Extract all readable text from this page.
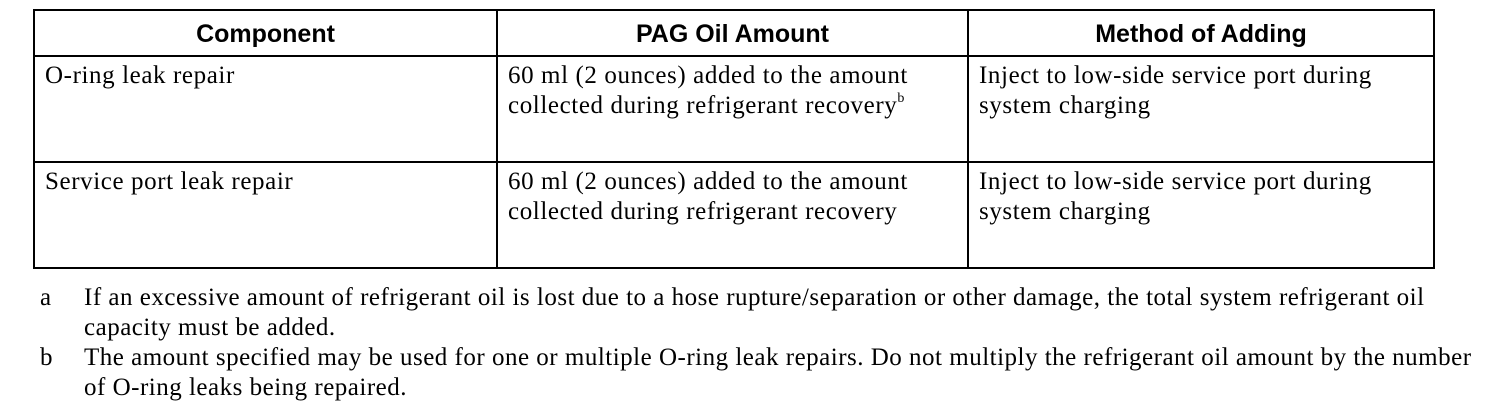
Component	PAG Oil Amount	Method of Adding
O-ring leak repair	60 ml (2 ounces) added to the amount collected during refrigerant recovery$^b$	Inject to low-side service port during system charging
Service port leak repair	60 ml (2 ounces) added to the amount collected during refrigerant recovery	Inject to low-side service port during system charging
a	If an excessive amount of refrigerant oil is lost due to a hose rupture/separation or other damage, the total system refrigerant oil capacity must be added.
b	The amount specified may be used for one or multiple O-ring leak repairs. Do not multiply the refrigerant oil amount by the number of O-ring leaks being repaired.
